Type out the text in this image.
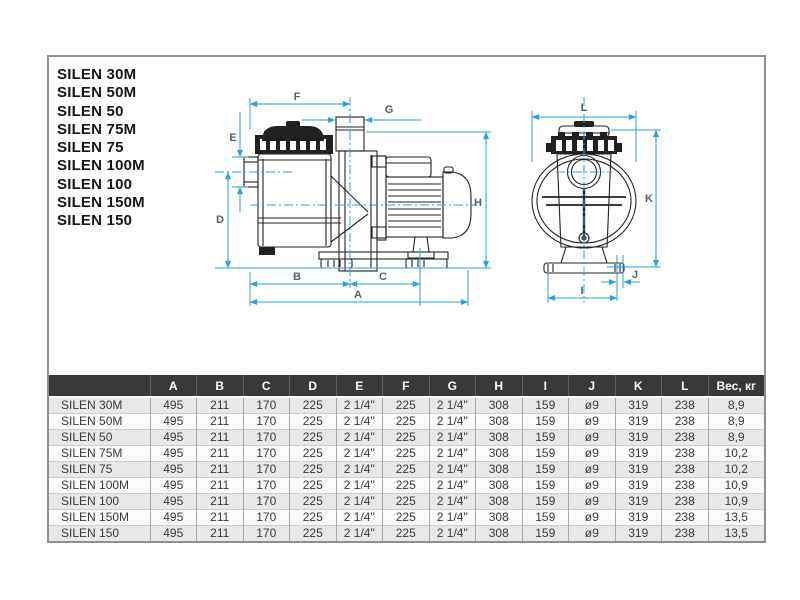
SILEN 30M
SILEN 50M
SILEN 50
SILEN 75M
SILEN 75
SILEN 100M
SILEN 100
SILEN 150M
SILEN 150
F
G
E
D
H
B	C
A
L
K
J
I
	A	B	C	D	E	F	G	H	I	J	K	L	Вес, кг
SILEN 30M	495	211	170	225	2 1/4"	225	2 1/4"	308	159	ø9	319	238	8,9
SILEN 50M	495	211	170	225	2 1/4"	225	2 1/4"	308	159	ø9	319	238	8,9
SILEN 50	495	211	170	225	2 1/4"	225	2 1/4"	308	159	ø9	319	238	8,9
SILEN 75M	495	211	170	225	2 1/4"	225	2 1/4"	308	159	ø9	319	238	10,2
SILEN 75	495	211	170	225	2 1/4"	225	2 1/4"	308	159	ø9	319	238	10,2
SILEN 100M	495	211	170	225	2 1/4"	225	2 1/4"	308	159	ø9	319	238	10,9
SILEN 100	495	211	170	225	2 1/4"	225	2 1/4"	308	159	ø9	319	238	10,9
SILEN 150M	495	211	170	225	2 1/4"	225	2 1/4"	308	159	ø9	319	238	13,5
SILEN 150	495	211	170	225	2 1/4"	225	2 1/4"	308	159	ø9	319	238	13,5
